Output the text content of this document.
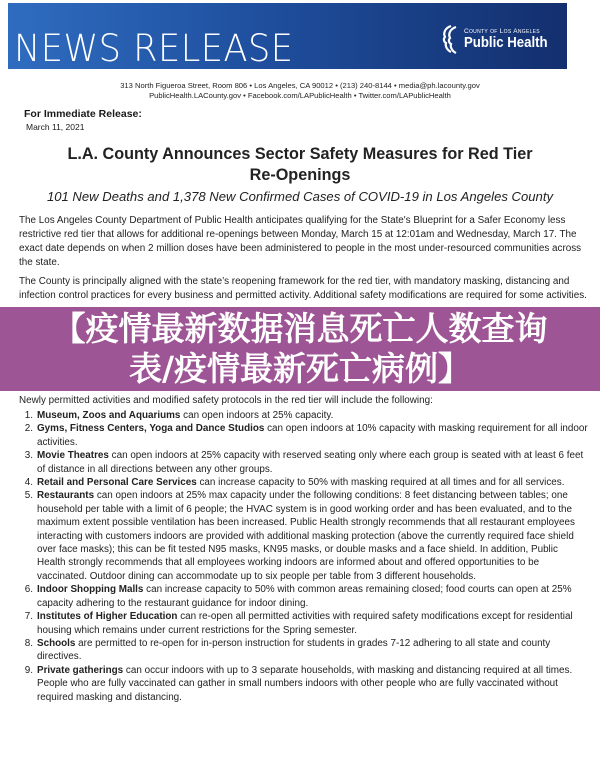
NEWS RELEASE	County of Los Angeles
Public Health
313 North Figueroa Street, Room 806 • Los Angeles, CA 90012 • (213) 240-8144 • media@ph.lacounty.gov
PublicHealth.LACounty.gov • Facebook.com/LAPublicHealth • Twitter.com/LAPublicHealth
For Immediate Release:
March 11, 2021
L.A. County Announces Sector Safety Measures for Red Tier
Re-Openings
101 New Deaths and 1,378 New Confirmed Cases of COVID-19 in Los Angeles County
The Los Angeles County Department of Public Health anticipates qualifying for the State's Blueprint for a Safer Economy less restrictive red tier that allows for additional re-openings between Monday, March 15 at 12:01am and Wednesday, March 17. The exact date depends on when 2 million doses have been administered to people in the most under-resourced communities across the state.
The County is principally aligned with the state’s reopening framework for the red tier, with mandatory masking, distancing and infection control practices for every business and permitted activity. Additional safety modifications are required for some activities.
【疫情最新数据消息死亡人数查询
表/疫情最新死亡病例】
Newly permitted activities and modified safety protocols in the red tier will include the following:
1. Museum, Zoos and Aquariums can open indoors at 25% capacity.
2. Gyms, Fitness Centers, Yoga and Dance Studios can open indoors at 10% capacity with masking requirement for all indoor activities.
3. Movie Theatres can open indoors at 25% capacity with reserved seating only where each group is seated with at least 6 feet of distance in all directions between any other groups.
4. Retail and Personal Care Services can increase capacity to 50% with masking required at all times and for all services.
5. Restaurants can open indoors at 25% max capacity under the following conditions: 8 feet distancing between tables; one household per table with a limit of 6 people; the HVAC system is in good working order and has been evaluated, and to the maximum extent possible ventilation has been increased. Public Health strongly recommends that all restaurant employees interacting with customers indoors are provided with additional masking protection (above the currently required face shield over face masks); this can be fit tested N95 masks, KN95 masks, or double masks and a face shield. In addition, Public Health strongly recommends that all employees working indoors are informed about and offered opportunities to be vaccinated. Outdoor dining can accommodate up to six people per table from 3 different households.
6. Indoor Shopping Malls can increase capacity to 50% with common areas remaining closed; food courts can open at 25% capacity adhering to the restaurant guidance for indoor dining.
7. Institutes of Higher Education can re-open all permitted activities with required safety modifications except for residential housing which remains under current restrictions for the Spring semester.
8. Schools are permitted to re-open for in-person instruction for students in grades 7-12 adhering to all state and county directives.
9. Private gatherings can occur indoors with up to 3 separate households, with masking and distancing required at all times. People who are fully vaccinated can gather in small numbers indoors with other people who are fully vaccinated without required masking and distancing.
